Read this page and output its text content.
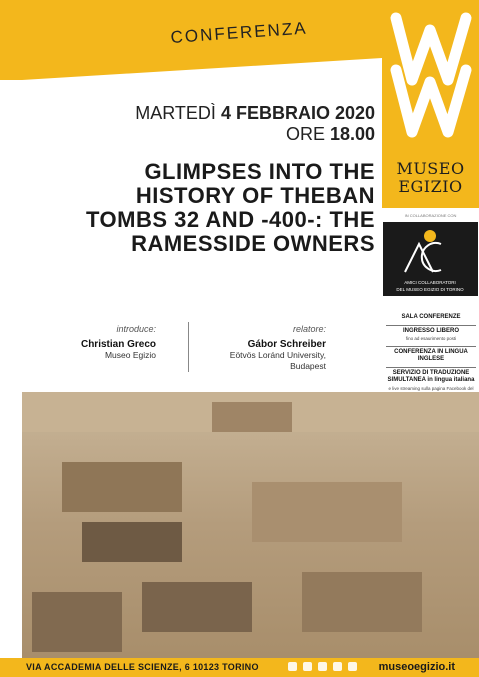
CONFERENZA
MARTEDÌ 4 FEBBRAIO 2020
ORE 18.00
GLIMPSES INTO THE HISTORY OF THEBAN TOMBS 32 AND -400-: THE RAMESSIDE OWNERS
introduce:
Christian Greco
Museo Egizio
relatore:
Gábor Schreiber
Eötvös Loránd University,
Budapest
MUSEO
EGIZIO
IN COLLABORAZIONE CON
AMICI COLLABORATORI
DEL MUSEO EGIZIO DI TORINO
SALA CONFERENZE
INGRESSO LIBERO
fino ad esaurimento posti
CONFERENZA IN LINGUA INGLESE
SERVIZIO DI TRADUZIONE SIMULTANEA in lingua italiana
e live streaming sulla pagina Facebook del
VIA ACCADEMIA DELLE SCIENZE, 6 10123 TORINO	museoegizio.it
